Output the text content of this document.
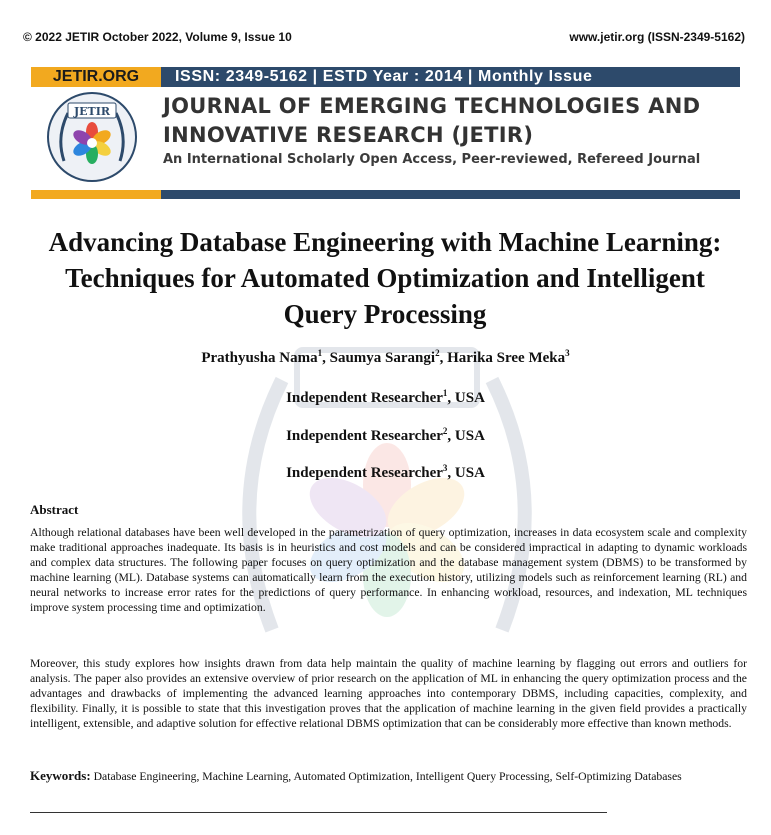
© 2022 JETIR October 2022, Volume 9, Issue 10	www.jetir.org (ISSN-2349-5162)
JETIR.ORG	ISSN: 2349-5162 | ESTD Year : 2014 | Monthly Issue
JETIR	JOURNAL OF EMERGING TECHNOLOGIES AND INNOVATIVE RESEARCH (JETIR)
An International Scholarly Open Access, Peer-reviewed, Refereed Journal
Advancing Database Engineering with Machine Learning: Techniques for Automated Optimization and Intelligent Query Processing
Prathyusha Nama$^1$, Saumya Sarangi$^2$, Harika Sree Meka$^3$
Independent Researcher$^1$, USA
Independent Researcher$^2$, USA
Independent Researcher$^3$, USA
Abstract
Although relational databases have been well developed in the parametrization of query optimization, increases in data ecosystem scale and complexity make traditional approaches inadequate. Its basis is in heuristics and cost models and can be considered impractical in adapting to dynamic workloads and complex data structures. The following paper focuses on query optimization and the database management system (DBMS) to be transformed by machine learning (ML). Database systems can automatically learn from the execution history, utilizing models such as reinforcement learning (RL) and neural networks to increase error rates for the predictions of query performance. In enhancing workload, resources, and indexation, ML techniques improve system processing time and optimization.
Moreover, this study explores how insights drawn from data help maintain the quality of machine learning by flagging out errors and outliers for analysis. The paper also provides an extensive overview of prior research on the application of ML in enhancing the query optimization process and the advantages and drawbacks of implementing the advanced learning approaches into contemporary DBMS, including capacities, complexity, and flexibility. Finally, it is possible to state that this investigation proves that the application of machine learning in the given field provides a practically intelligent, extensible, and adaptive solution for effective relational DBMS optimization that can be considerably more effective than known methods.
Keywords: Database Engineering, Machine Learning, Automated Optimization, Intelligent Query Processing, Self-Optimizing Databases
